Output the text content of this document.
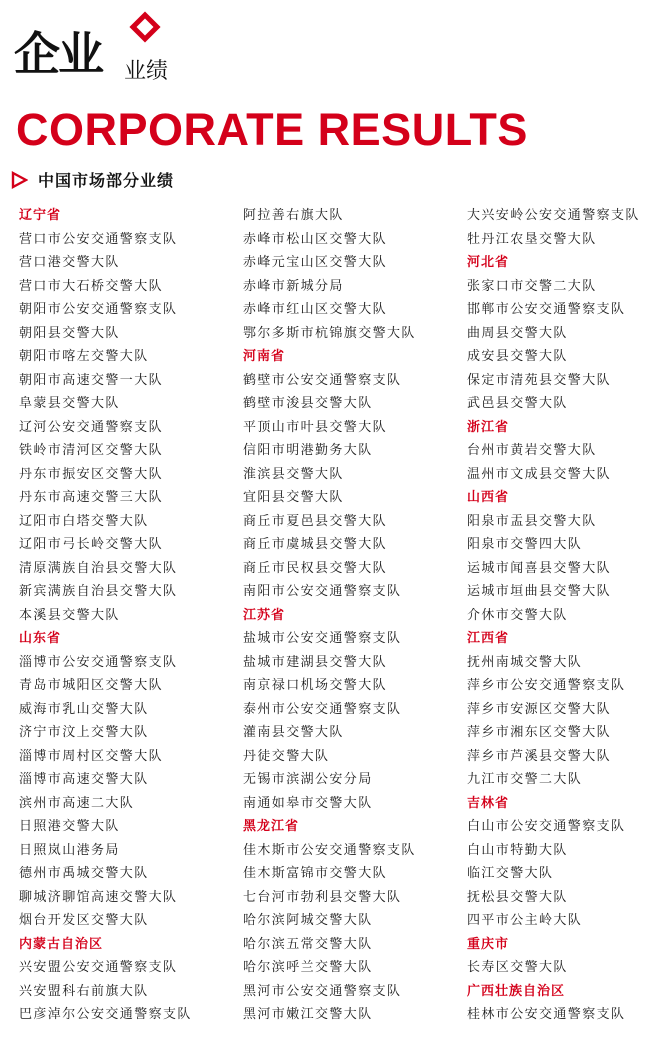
企业 业绩
CORPORATE RESULTS
中国市场部分业绩
辽宁省
营口市公安交通警察支队
营口港交警大队
营口市大石桥交警大队
朝阳市公安交通警察支队
朝阳县交警大队
朝阳市喀左交警大队
朝阳市高速交警一大队
阜蒙县交警大队
辽河公安交通警察支队
铁岭市清河区交警大队
丹东市振安区交警大队
丹东市高速交警三大队
辽阳市白塔交警大队
辽阳市弓长岭交警大队
清原满族自治县交警大队
新宾满族自治县交警大队
本溪县交警大队
山东省
淄博市公安交通警察支队
青岛市城阳区交警大队
威海市乳山交警大队
济宁市汶上交警大队
淄博市周村区交警大队
淄博市高速交警大队
滨州市高速二大队
日照港交警大队
日照岚山港务局
德州市禹城交警大队
聊城济聊馆高速交警大队
烟台开发区交警大队
内蒙古自治区
兴安盟公安交通警察支队
兴安盟科右前旗大队
巴彦淖尔公安交通警察支队
阿拉善右旗大队
赤峰市松山区交警大队
赤峰元宝山区交警大队
赤峰市新城分局
赤峰市红山区交警大队
鄂尔多斯市杭锦旗交警大队
河南省
鹤壁市公安交通警察支队
鹤壁市浚县交警大队
平顶山市叶县交警大队
信阳市明港勤务大队
淮滨县交警大队
宜阳县交警大队
商丘市夏邑县交警大队
商丘市虞城县交警大队
商丘市民权县交警大队
南阳市公安交通警察支队
江苏省
盐城市公安交通警察支队
盐城市建湖县交警大队
南京禄口机场交警大队
泰州市公安交通警察支队
灌南县交警大队
丹徒交警大队
无锡市滨湖公安分局
南通如皋市交警大队
黑龙江省
佳木斯市公安交通警察支队
佳木斯富锦市交警大队
七台河市勃利县交警大队
哈尔滨阿城交警大队
哈尔滨五常交警大队
哈尔滨呼兰交警大队
黑河市公安交通警察支队
黑河市嫩江交警大队
大兴安岭公安交通警察支队
牡丹江农垦交警大队
河北省
张家口市交警二大队
邯郸市公安交通警察支队
曲周县交警大队
成安县交警大队
保定市清苑县交警大队
武邑县交警大队
浙江省
台州市黄岩交警大队
温州市文成县交警大队
山西省
阳泉市盂县交警大队
阳泉市交警四大队
运城市闻喜县交警大队
运城市垣曲县交警大队
介休市交警大队
江西省
抚州南城交警大队
萍乡市公安交通警察支队
萍乡市安源区交警大队
萍乡市湘东区交警大队
萍乡市芦溪县交警大队
九江市交警二大队
吉林省
白山市公安交通警察支队
白山市特勤大队
临江交警大队
抚松县交警大队
四平市公主岭大队
重庆市
长寿区交警大队
广西壮族自治区
桂林市公安交通警察支队
